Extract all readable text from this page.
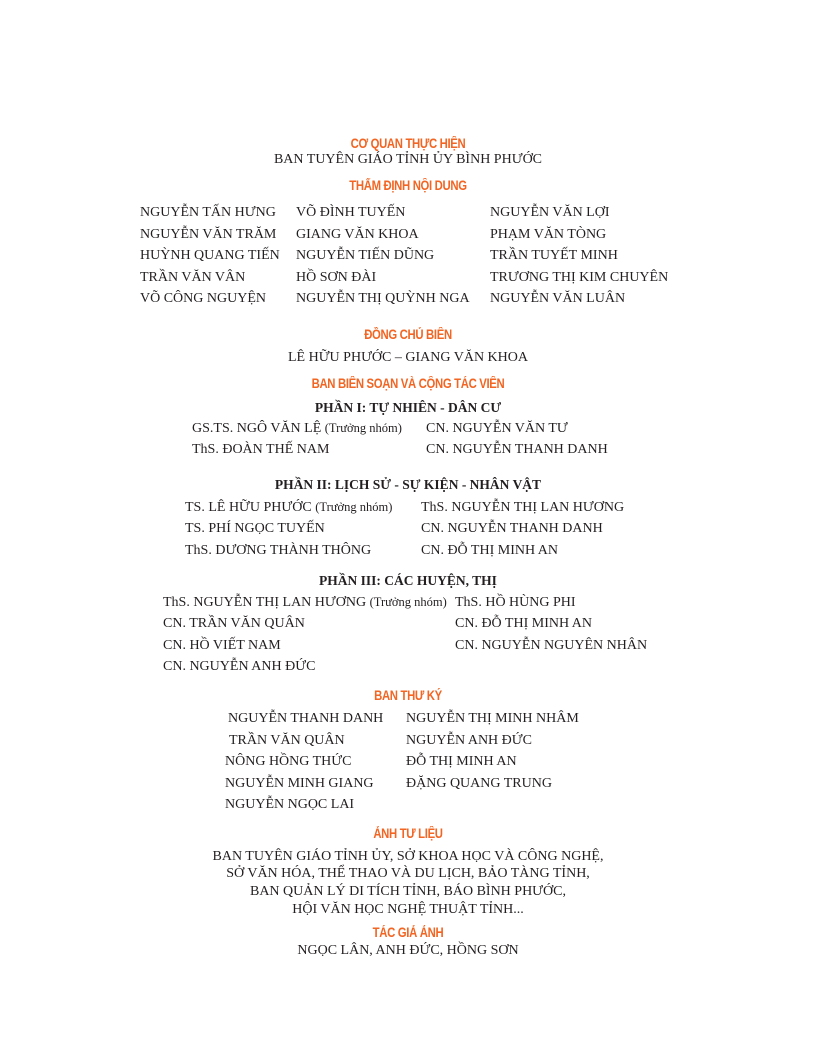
CƠ QUAN THỰC HIỆN
BAN TUYÊN GIÁO TỈNH ỦY BÌNH PHƯỚC
THẨM ĐỊNH NỘI DUNG
NGUYỄN TẤN HƯNG
NGUYỄN VĂN TRĂM
HUỲNH QUANG TIẾN
TRẦN VĂN VÂN
VÕ CÔNG NGUYỆN
VÕ ĐÌNH TUYẾN
GIANG VĂN KHOA
NGUYỄN TIẾN DŨNG
HỒ SƠN ĐÀI
NGUYỄN THỊ QUỲNH NGA
NGUYỄN VĂN LỢI
PHẠM VĂN TÒNG
TRẦN TUYẾT MINH
TRƯƠNG THỊ KIM CHUYÊN
NGUYỄN VĂN LUÂN
ĐỒNG CHỦ BIÊN
LÊ HỮU PHƯỚC – GIANG VĂN KHOA
BAN BIÊN SOẠN VÀ CỘNG TÁC VIÊN
PHẦN I: TỰ NHIÊN - DÂN CƯ
GS.TS. NGÔ VĂN LỆ (Trưởng nhóm)
ThS. ĐOÀN THẾ NAM
CN. NGUYỄN VĂN TƯ
CN. NGUYỄN THANH DANH
PHẦN II: LỊCH SỬ - SỰ KIỆN - NHÂN VẬT
TS. LÊ HỮU PHƯỚC (Trưởng nhóm)
TS. PHÍ NGỌC TUYẾN
ThS. DƯƠNG THÀNH THÔNG
ThS. NGUYỄN THỊ LAN HƯƠNG
CN. NGUYỄN THANH DANH
CN. ĐỖ THỊ MINH AN
PHẦN III: CÁC HUYỆN, THỊ
ThS. NGUYỄN THỊ LAN HƯƠNG (Trưởng nhóm)
CN. TRẦN VĂN QUÂN
CN. HỒ VIẾT NAM
CN. NGUYỄN ANH ĐỨC
ThS. HỒ HÙNG PHI
CN. ĐỖ THỊ MINH AN
CN. NGUYỄN NGUYÊN NHÂN
BAN THƯ KÝ
NGUYỄN THANH DANH
TRẦN VĂN QUÂN
NÔNG HỒNG THỨC
NGUYỄN MINH GIANG
NGUYỄN NGỌC LAI
NGUYỄN THỊ MINH NHÂM
NGUYỄN ANH ĐỨC
ĐỖ THỊ MINH AN
ĐẶNG QUANG TRUNG
ẢNH TƯ LIỆU
BAN TUYÊN GIÁO TỈNH ỦY, SỞ KHOA HỌC VÀ CÔNG NGHỆ,
SỞ VĂN HÓA, THỂ THAO VÀ DU LỊCH, BẢO TÀNG TỈNH,
BAN QUẢN LÝ DI TÍCH TỈNH, BÁO BÌNH PHƯỚC,
HỘI VĂN HỌC NGHỆ THUẬT TỈNH...
TÁC GIẢ ẢNH
NGỌC LÂN, ANH ĐỨC, HỒNG SƠN
